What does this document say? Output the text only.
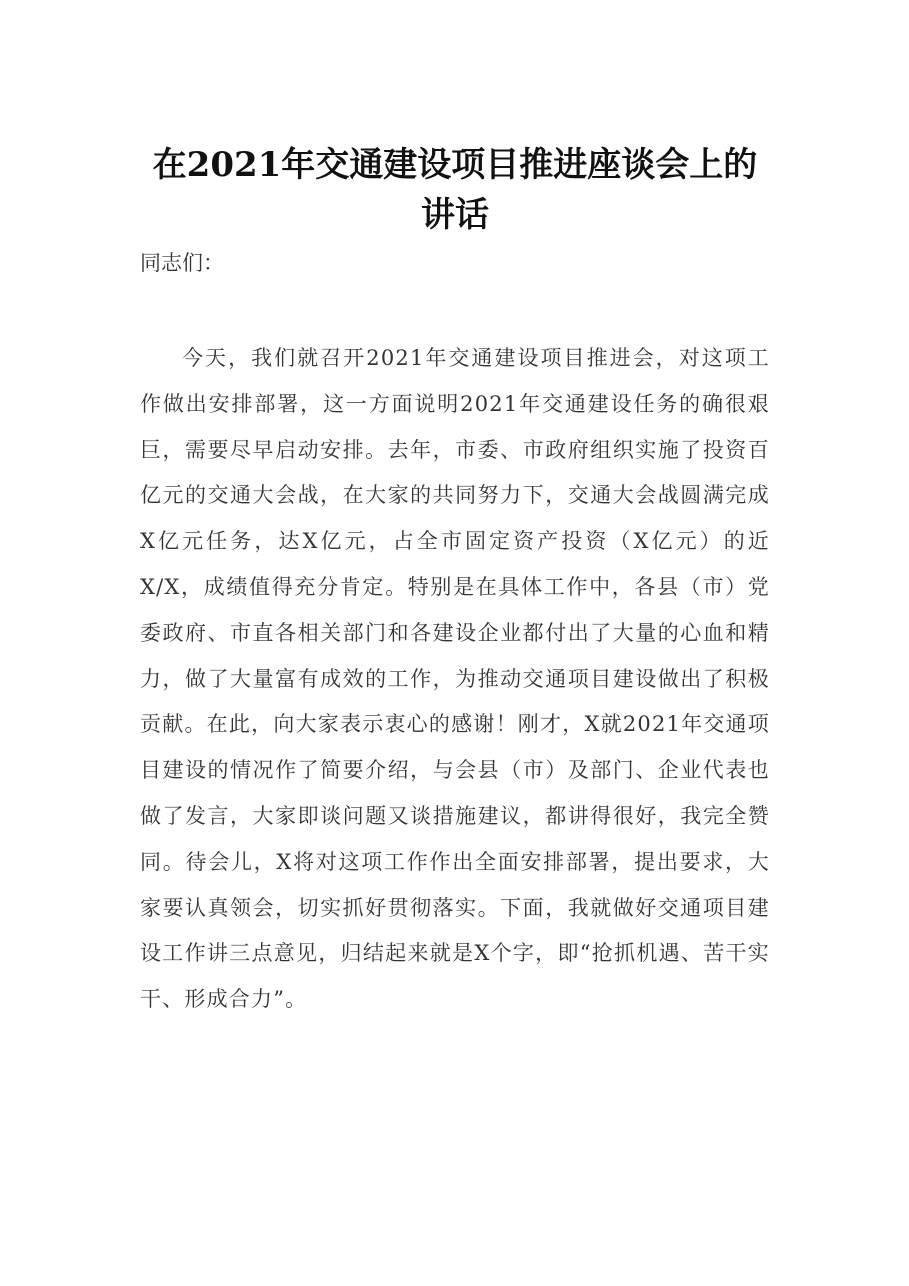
在2021年交通建设项目推进座谈会上的讲话

同志们：

今天，我们就召开2021年交通建设项目推进会，对这项工作做出安排部署，这一方面说明2021年交通建设任务的确很艰巨，需要尽早启动安排。去年，市委、市政府组织实施了投资百亿元的交通大会战，在大家的共同努力下，交通大会战圆满完成X亿元任务，达X亿元，占全市固定资产投资（X亿元）的近X/X，成绩值得充分肯定。特别是在具体工作中，各县（市）党委政府、市直各相关部门和各建设企业都付出了大量的心血和精力，做了大量富有成效的工作，为推动交通项目建设做出了积极贡献。在此，向大家表示衷心的感谢！刚才，X就2021年交通项目建设的情况作了简要介绍，与会县（市）及部门、企业代表也做了发言，大家即谈问题又谈措施建议，都讲得很好，我完全赞同。待会儿，X将对这项工作作出全面安排部署，提出要求，大家要认真领会，切实抓好贯彻落实。下面，我就做好交通项目建设工作讲三点意见，归结起来就是X个字，即“抢抓机遇、苦干实干、形成合力”。
